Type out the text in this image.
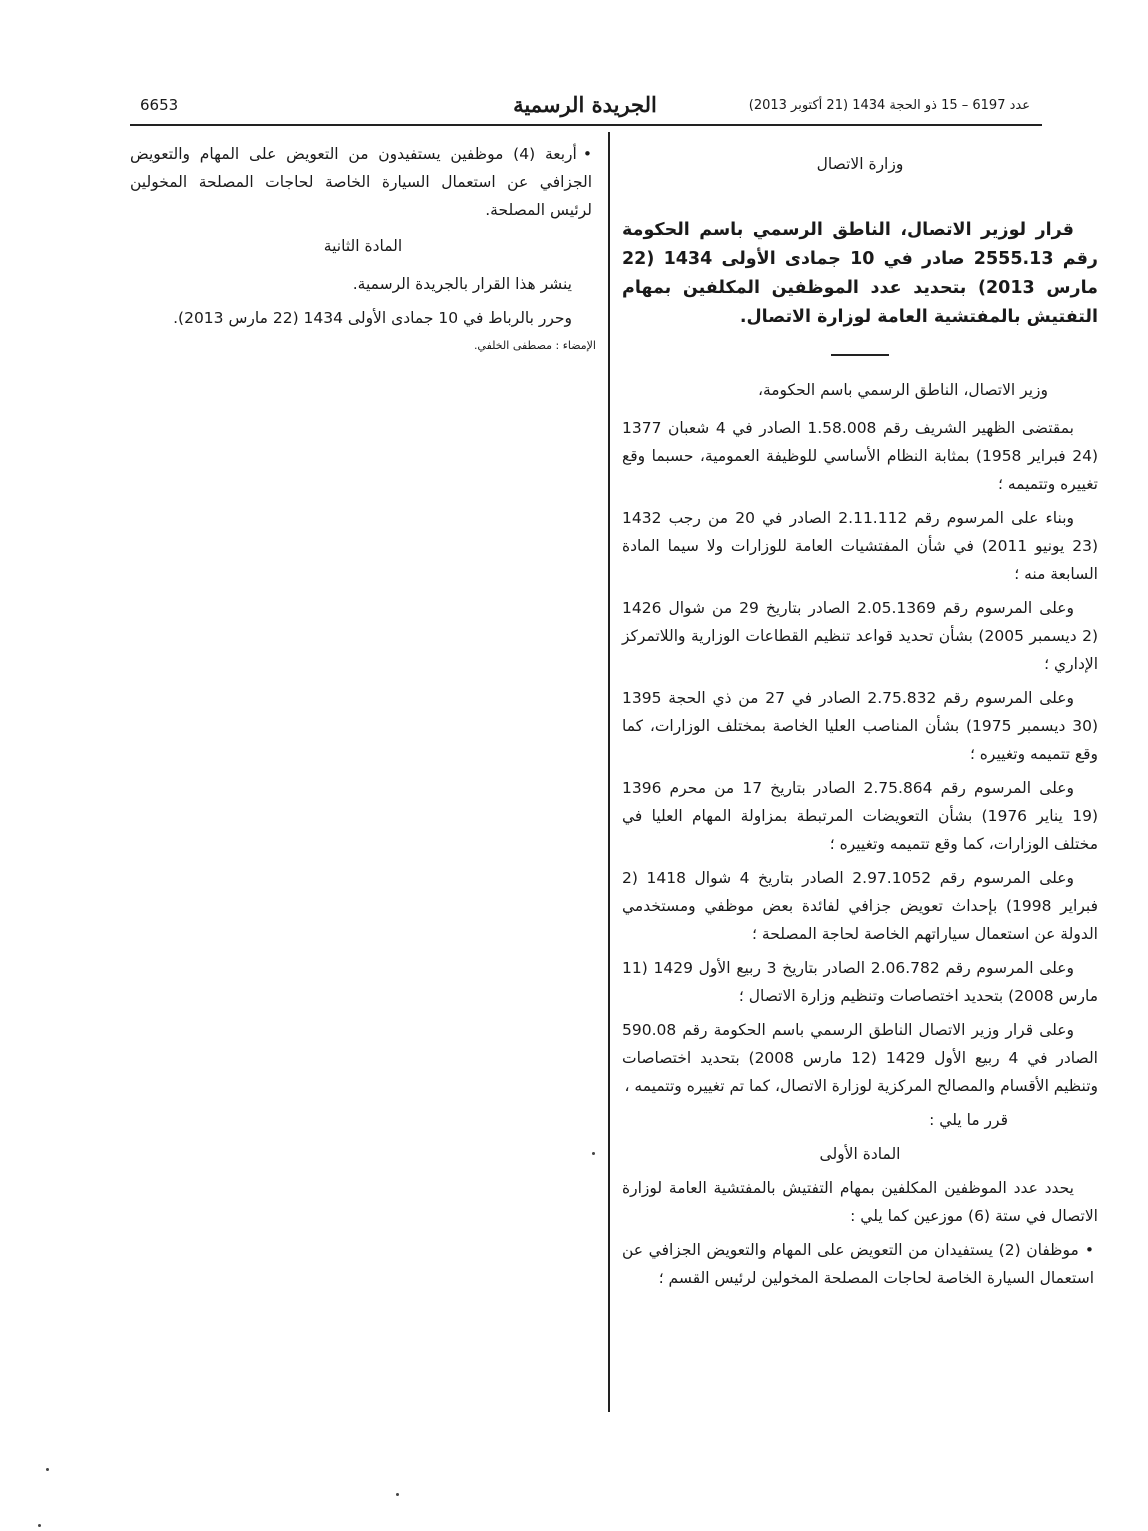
6653	الجريدة الرسمية	عدد 6197 – 15 ذو الحجة 1434 (21 أكتوبر 2013)
وزارة الاتصال

قرار لوزير الاتصال، الناطق الرسمي باسم الحكومة رقم 2555.13 صادر في 10 جمادى الأولى 1434 (22 مارس 2013) بتحديد عدد الموظفين المكلفين بمهام التفتيش بالمفتشية العامة لوزارة الاتصال.

وزير الاتصال، الناطق الرسمي باسم الحكومة،

بمقتضى الظهير الشريف رقم 1.58.008 الصادر في 4 شعبان 1377 (24 فبراير 1958) بمثابة النظام الأساسي للوظيفة العمومية، حسبما وقع تغييره وتتميمه ؛

وبناء على المرسوم رقم 2.11.112 الصادر في 20 من رجب 1432 (23 يونيو 2011) في شأن المفتشيات العامة للوزارات ولا سيما المادة السابعة منه ؛

وعلى المرسوم رقم 2.05.1369 الصادر بتاريخ 29 من شوال 1426 (2 ديسمبر 2005) بشأن تحديد قواعد تنظيم القطاعات الوزارية واللاتمركز الإداري ؛

وعلى المرسوم رقم 2.75.832 الصادر في 27 من ذي الحجة 1395 (30 ديسمبر 1975) بشأن المناصب العليا الخاصة بمختلف الوزارات، كما وقع تتميمه وتغييره ؛

وعلى المرسوم رقم 2.75.864 الصادر بتاريخ 17 من محرم 1396 (19 يناير 1976) بشأن التعويضات المرتبطة بمزاولة المهام العليا في مختلف الوزارات، كما وقع تتميمه وتغييره ؛

وعلى المرسوم رقم 2.97.1052 الصادر بتاريخ 4 شوال 1418 (2 فبراير 1998) بإحداث تعويض جزافي لفائدة بعض موظفي ومستخدمي الدولة عن استعمال سياراتهم الخاصة لحاجة المصلحة ؛

وعلى المرسوم رقم 2.06.782 الصادر بتاريخ 3 ربيع الأول 1429 (11 مارس 2008) بتحديد اختصاصات وتنظيم وزارة الاتصال ؛

وعلى قرار وزير الاتصال الناطق الرسمي باسم الحكومة رقم 590.08 الصادر في 4 ربيع الأول 1429 (12 مارس 2008) بتحديد اختصاصات وتنظيم الأقسام والمصالح المركزية لوزارة الاتصال، كما تم تغييره وتتميمه ،

قرر ما يلي :

المادة الأولى

يحدد عدد الموظفين المكلفين بمهام التفتيش بالمفتشية العامة لوزارة الاتصال في ستة (6) موزعين كما يلي :

•موظفان (2) يستفيدان من التعويض على المهام والتعويض الجزافي عن استعمال السيارة الخاصة لحاجات المصلحة المخولين لرئيس القسم ؛

•أربعة (4) موظفين يستفيدون من التعويض على المهام والتعويض الجزافي عن استعمال السيارة الخاصة لحاجات المصلحة المخولين لرئيس المصلحة.

المادة الثانية

ينشر هذا القرار بالجريدة الرسمية.

وحرر بالرباط في 10 جمادى الأولى 1434 (22 مارس 2013).

الإمضاء : مصطفى الخلفي.
